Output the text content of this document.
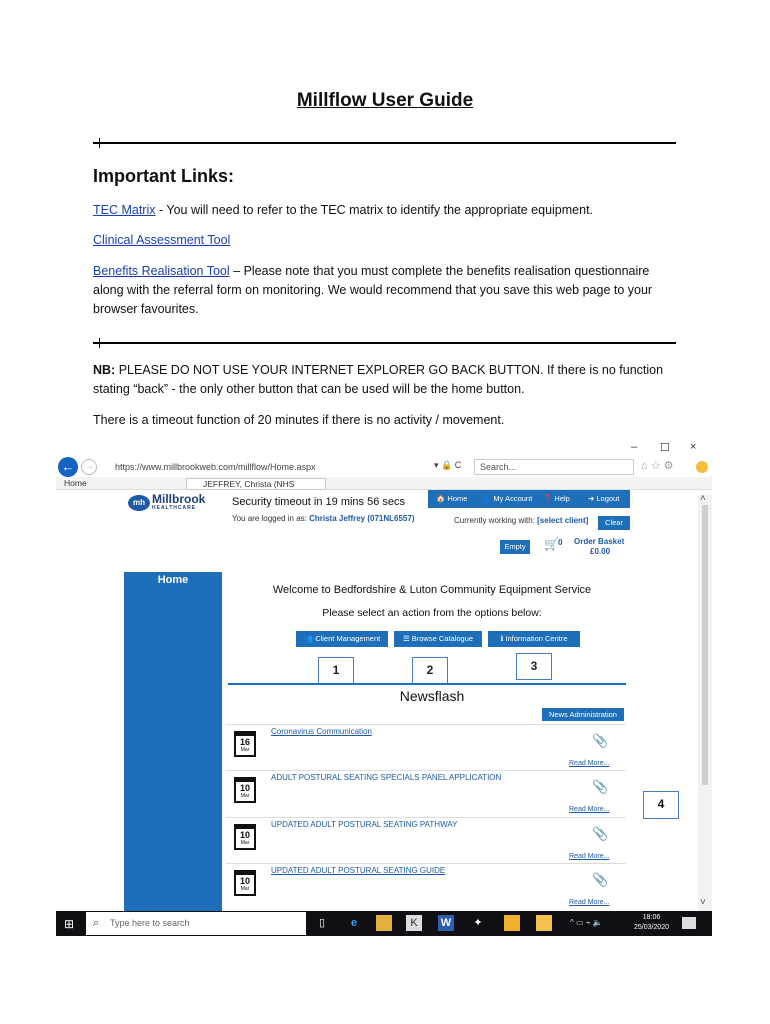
Millflow User Guide
Important Links:
TEC Matrix - You will need to refer to the TEC matrix to identify the appropriate equipment.
Clinical Assessment Tool
Benefits Realisation Tool – Please note that you must complete the benefits realisation questionnaire along with the referral form on monitoring. We would recommend that you save this web page to your browser favourites.
NB: PLEASE DO NOT USE YOUR INTERNET EXPLORER GO BACK BUTTON. If there is no function stating “back” - the only other button that can be used will be the home button.
There is a timeout function of 20 minutes if there is no activity / movement.
– ☐ ×
← →	https://www.millbrookweb.com/millflow/Home.aspx	▾ 🔒 C	Search...	⌂ ☆ ⚙
Home	JEFFREY, Christa (NHS
mh Millbrook
HEALTHCARE	Security timeout in 19 mins 56 secs
You are logged in as: Christa Jeffrey (071NL6557)
🏠 Home 👤 My Account ❓ Help ➜ Logout
Currently working with: [select client]	Clear
Empty	🛒 0 Order Basket
£0.00
Home
Welcome to Bedfordshire & Luton Community Equipment Service
Please select an action from the options below:
👥 Client Management	☰ Browse Catalogue	ℹ Information Centre
1	2	3
Newsflash
News Administration
16
Mar
Coronavirus Communication
📎
Read More...
10
Mar
ADULT POSTURAL SEATING SPECIALS PANEL APPLICATION
📎
Read More...
10
Mar
UPDATED ADULT POSTURAL SEATING PATHWAY
📎
Read More...
10
Mar
UPDATED ADULT POSTURAL SEATING GUIDE
📎
Read More...
˄
˅
4
⊞ ⌕ Type here to search	▯	e	K	W	✦	^ ▭ ⌁ 🔈
18:06
25/03/2020
